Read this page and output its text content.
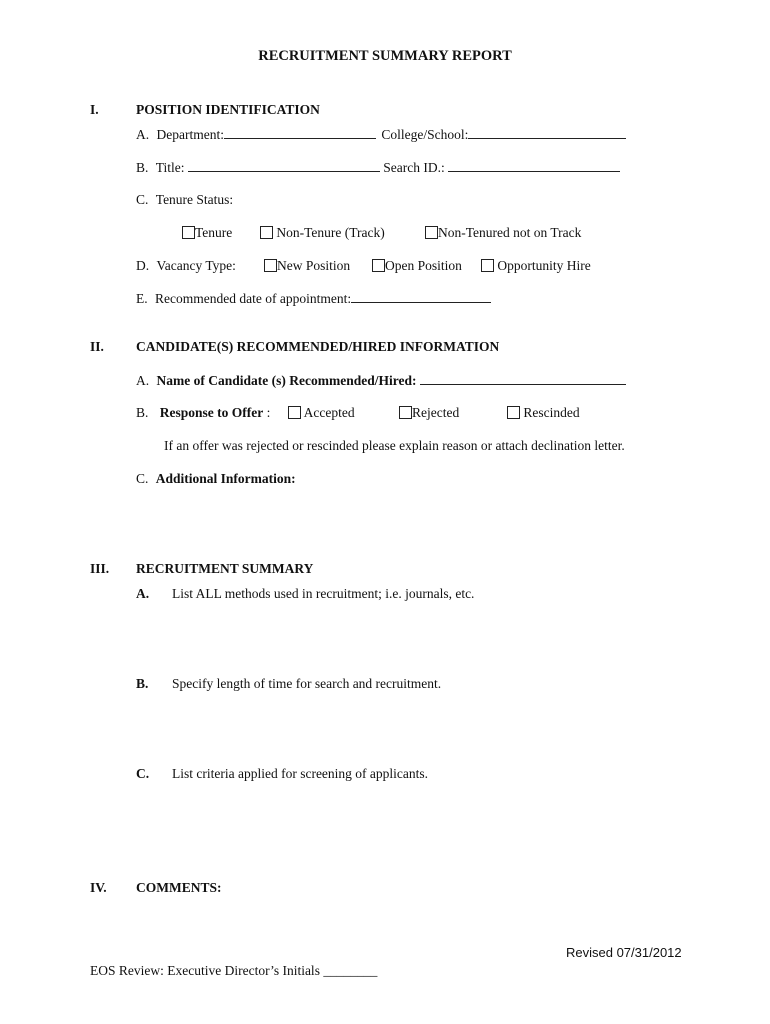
RECRUITMENT SUMMARY REPORT
I.	POSITION IDENTIFICATION
A. Department:	College/School:
B. Title:	Search ID.:
C. Tenure Status:
Tenure	Non-Tenure (Track)	Non-Tenured not on Track
D. Vacancy Type:	New Position	Open Position	Opportunity Hire
E. Recommended date of appointment:
II. CANDIDATE(S) RECOMMENDED/HIRED INFORMATION
A. Name of Candidate (s) Recommended/Hired:
B. Response to Offer :	Accepted	Rejected	Rescinded
If an offer was rejected or rescinded please explain reason or attach declination letter.
C. Additional Information:
III. RECRUITMENT SUMMARY
A. List ALL methods used in recruitment; i.e. journals, etc.
B. Specify length of time for search and recruitment.
C. List criteria applied for screening of applicants.
IV. COMMENTS:
Revised 07/31/2012
EOS Review: Executive Director’s Initials ________
